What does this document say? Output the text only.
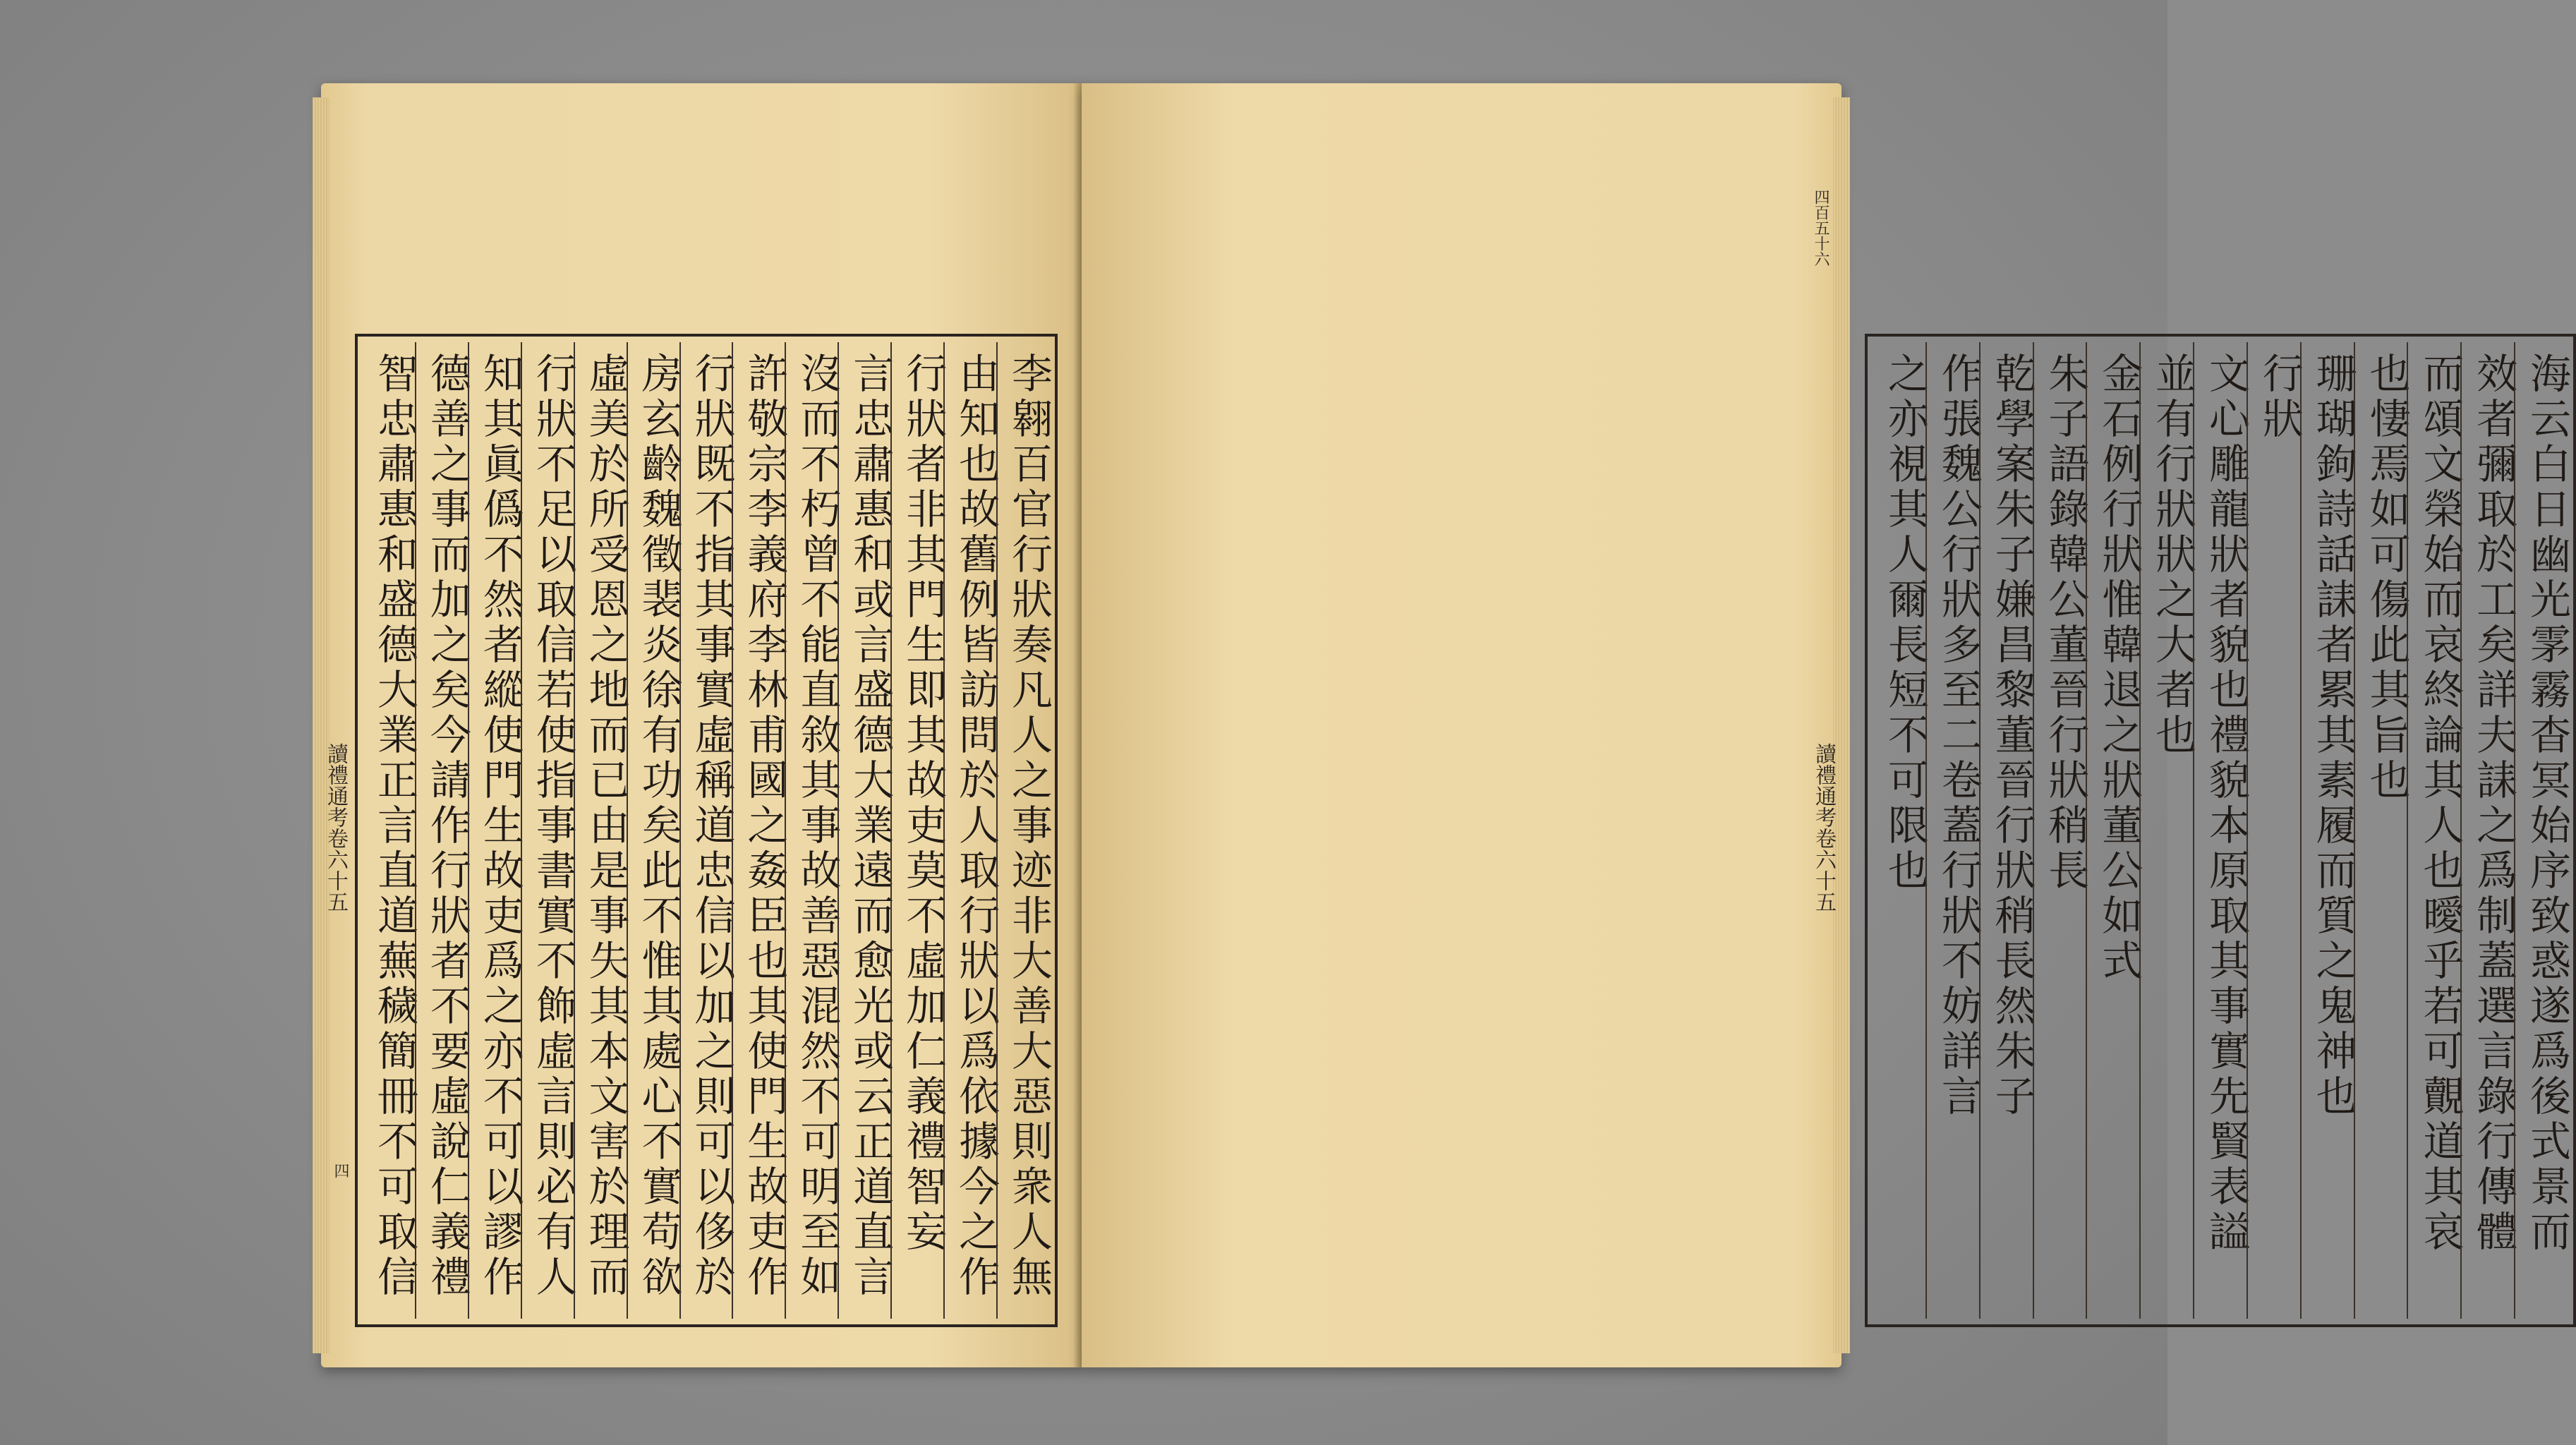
讀禮通考卷六十五
四	李翱百官行狀奏凡人之事迹非大善大惡則衆人無
由知也故舊例皆訪問於人取行狀以爲依據今之作
行狀者非其門生即其故吏莫不虛加仁義禮智妄
言忠肅惠和或言盛德大業遠而愈光或云正道直言
沒而不朽曾不能直敘其事故善惡混然不可明至如
許敬宗李義府李林甫國之姦臣也其使門生故吏作
行狀既不指其事實虛稱道忠信以加之則可以侈於
房玄齡魏徵裴炎徐有功矣此不惟其處心不實苟欲
虛美於所受恩之地而已由是事失其本文害於理而
行狀不足以取信若使指事書實不飾虛言則必有人
知其眞僞不然者縱使門生故吏爲之亦不可以謬作
德善之事而加之矣今請作行狀者不要虛說仁義禮
智忠肅惠和盛德大業正言直道蕪穢簡冊不可取信	讀禮通考卷六十五
四百五十六
海云白日幽光雺霧杳冥始序致惑遂爲後式景而
效者彌取於工矣詳夫誄之爲制蓋選言錄行傳體
而頌文榮始而哀終論其人也曖乎若可覿道其哀
也悽焉如可傷此其旨也
珊瑚鉤詩話誄者累其素履而質之鬼神也
行狀
文心雕龍狀者貌也禮貌本原取其事實先賢表謚
並有行狀狀之大者也
金石例行狀惟韓退之狀董公如式
朱子語錄韓公董晉行狀稍長
乾學案朱子嫌昌黎董晉行狀稍長然朱子
作張魏公行狀多至二卷蓋行狀不妨詳言
之亦視其人爾長短不可限也
